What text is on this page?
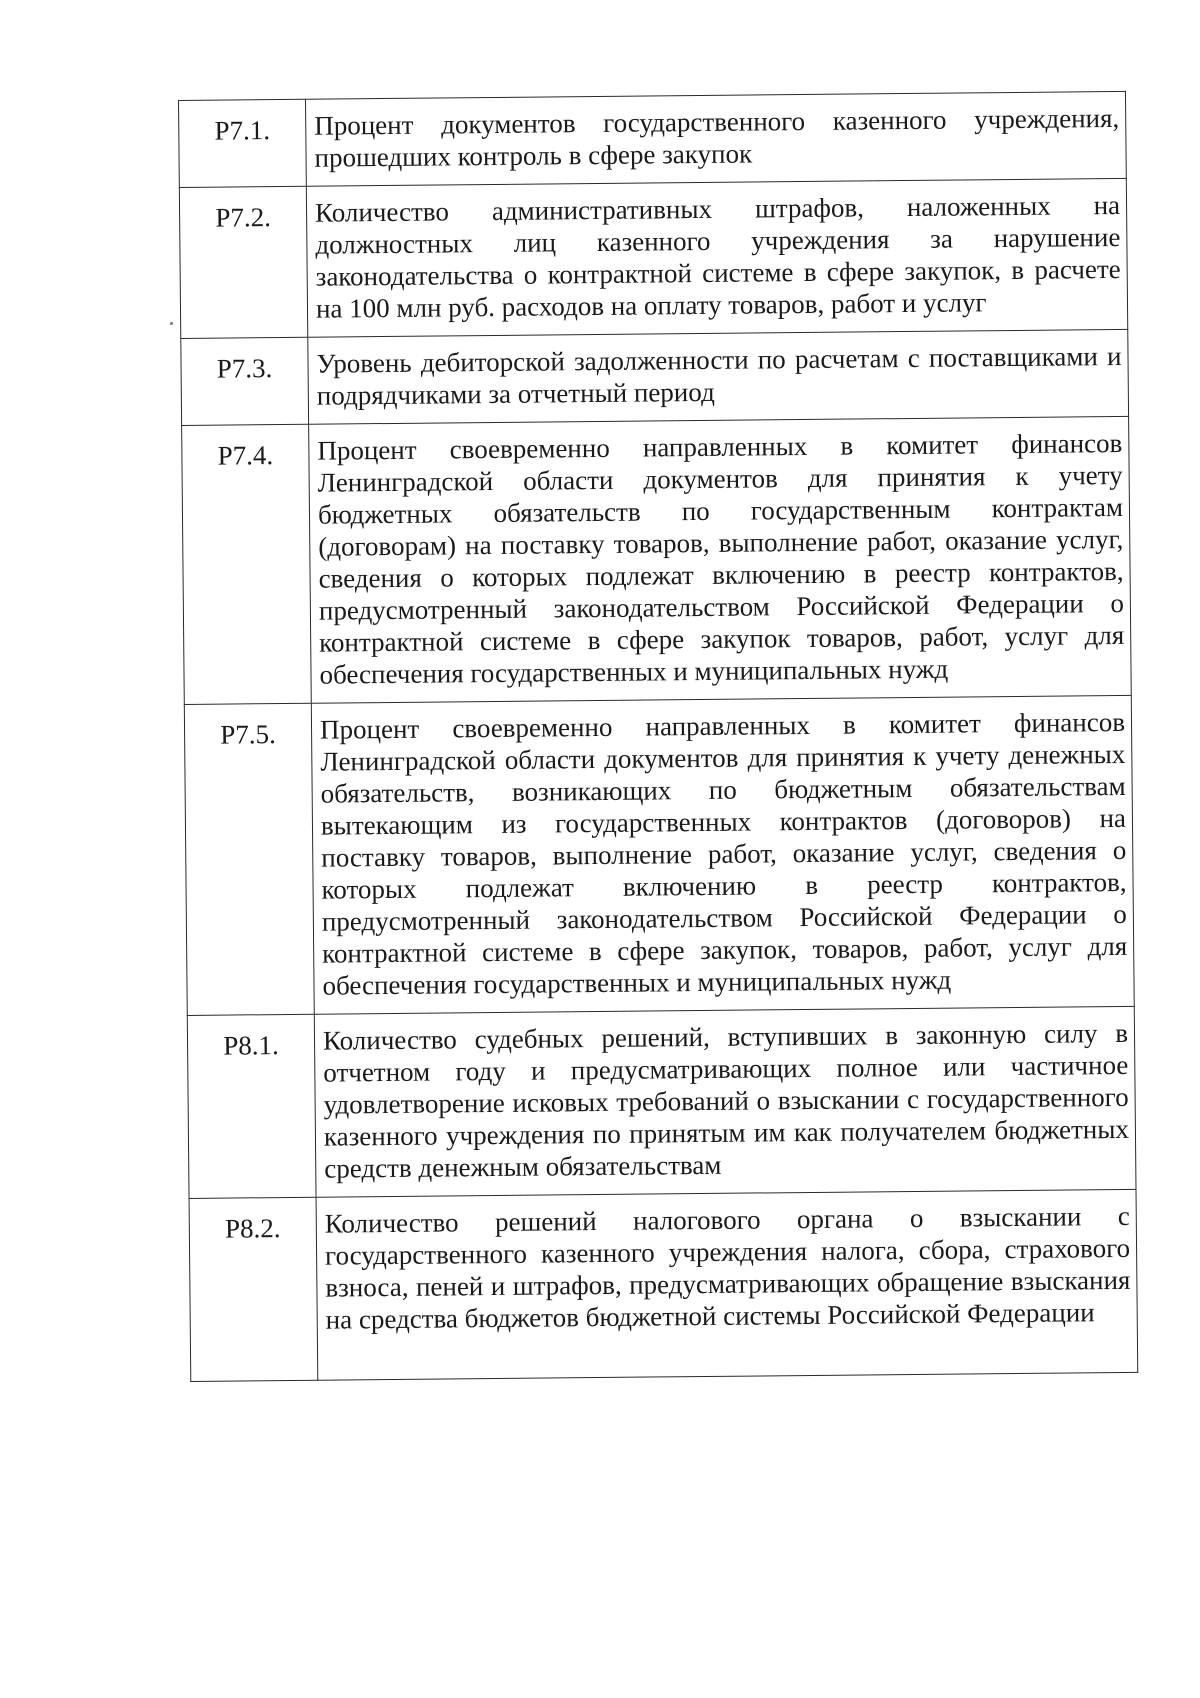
Р7.1.	Процент документов государственного казенного учреждения, прошедших контроль в сфере закупок
Р7.2.	Количество административных штрафов, наложенных на должностных лиц казенного учреждения за нарушение законодательства о контрактной системе в сфере закупок, в расчете на 100 млн руб. расходов на оплату товаров, работ и услуг
Р7.3.	Уровень дебиторской задолженности по расчетам с поставщиками и подрядчиками за отчетный период
Р7.4.	Процент своевременно направленных в комитет финансов Ленинградской области документов для принятия к учету бюджетных обязательств по государственным контрактам (договорам) на поставку товаров, выполнение работ, оказание услуг, сведения о которых подлежат включению в реестр контрактов, предусмотренный законодательством Российской Федерации о контрактной системе в сфере закупок товаров, работ, услуг для обеспечения государственных и муниципальных нужд
Р7.5.	Процент своевременно направленных в комитет финансов Ленинградской области документов для принятия к учету денежных обязательств, возникающих по бюджетным обязательствам вытекающим из государственных контрактов (договоров) на поставку товаров, выполнение работ, оказание услуг, сведения о которых подлежат включению в реестр контрактов, предусмотренный законодательством Российской Федерации о контрактной системе в сфере закупок, товаров, работ, услуг для обеспечения государственных и муниципальных нужд
Р8.1.	Количество судебных решений, вступивших в законную силу в отчетном году и предусматривающих полное или частичное удовлетворение исковых требований о взыскании с государственного казенного учреждения по принятым им как получателем бюджетных средств денежным обязательствам
Р8.2.	Количество решений налогового органа о взыскании с государственного казенного учреждения налога, сбора, страхового взноса, пеней и штрафов, предусматривающих обращение взыскания на средства бюджетов бюджетной системы Российской Федерации
